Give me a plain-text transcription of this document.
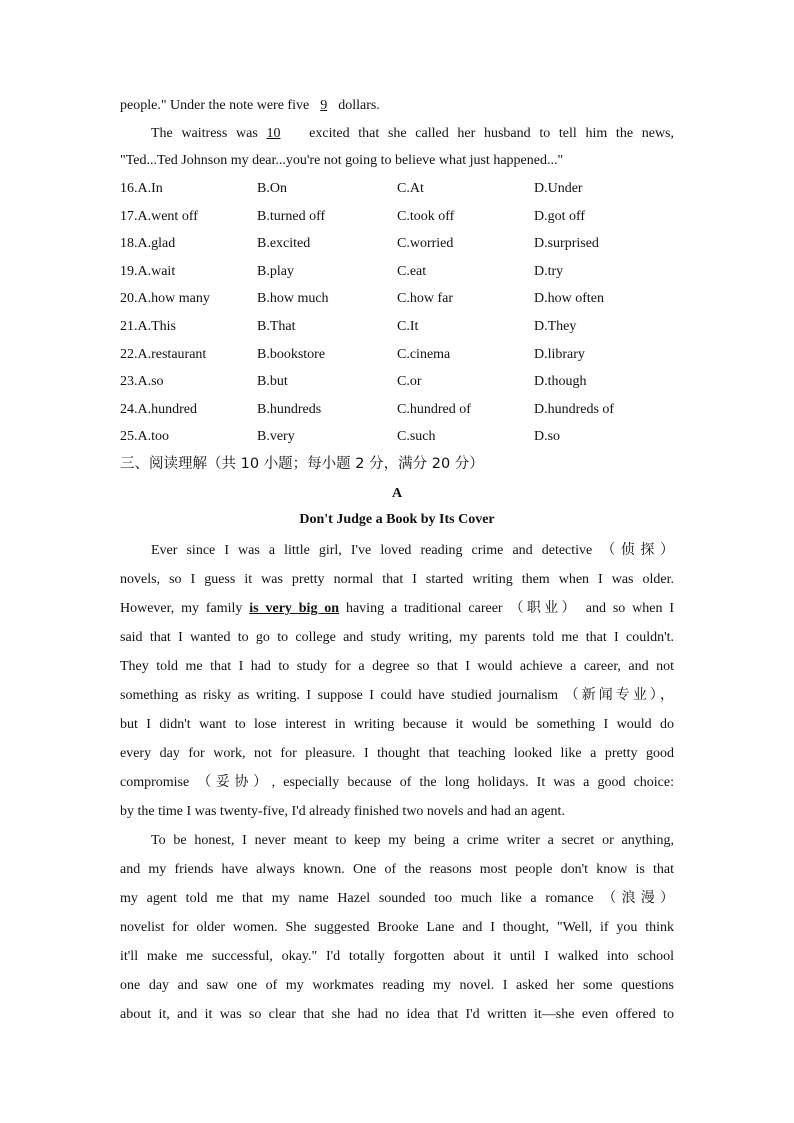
people." Under the note were five 9 dollars.
The waitress was 10 excited that she called her husband to tell him the news,
"Ted...Ted Johnson my dear...you're not going to believe what just happened..."
16.A.In	B.On	C.At	D.Under
17.A.went off	B.turned off	C.took off	D.got off
18.A.glad	B.excited	C.worried	D.surprised
19.A.wait	B.play	C.eat	D.try
20.A.how many	B.how much	C.how far	D.how often
21.A.This	B.That	C.It	D.They
22.A.restaurant	B.bookstore	C.cinema	D.library
23.A.so	B.but	C.or	D.though
24.A.hundred	B.hundreds	C.hundred of	D.hundreds of
25.A.too	B.very	C.such	D.so
三、阅读理解（共 10 小题；每小题 2 分，满分 20 分）
A
Don't Judge a Book by Its Cover
Ever since I was a little girl, I've loved reading crime and detective （侦探）
novels, so I guess it was pretty normal that I started writing them when I was older.
However, my family is very big on having a traditional career （职业） and so when I
said that I wanted to go to college and study writing, my parents told me that I couldn't.
They told me that I had to study for a degree so that I would achieve a career, and not
something as risky as writing. I suppose I could have studied journalism （新闻专业），
but I didn't want to lose interest in writing because it would be something I would do
every day for work, not for pleasure. I thought that teaching looked like a pretty good
compromise （妥协）, especially because of the long holidays. It was a good choice:
by the time I was twenty-five, I'd already finished two novels and had an agent.
To be honest, I never meant to keep my being a crime writer a secret or anything,
and my friends have always known. One of the reasons most people don't know is that
my agent told me that my name Hazel sounded too much like a romance （浪漫）
novelist for older women. She suggested Brooke Lane and I thought, "Well, if you think
it'll make me successful, okay." I'd totally forgotten about it until I walked into school
one day and saw one of my workmates reading my novel. I asked her some questions
about it, and it was so clear that she had no idea that I'd written it—she even offered to
